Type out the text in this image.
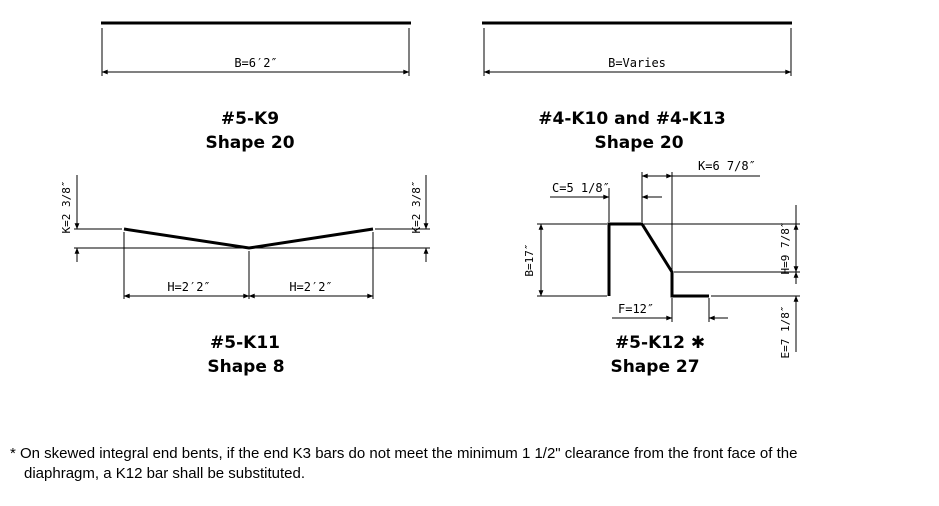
B=6′2″
#5-K9
Shape 20
B=Varies
#4-K10 and #4-K13
Shape 20
K=2 3/8″	K=2 3/8″
H=2′2″	H=2′2″
#5-K11
Shape 8
C=5 1/8″
K=6 7/8″
B=17″	H=9 7/8″
E=7 1/8″
F=12″
#5-K12 ✱
Shape 27

* On skewed integral end bents, if the end K3 bars do not meet the minimum 1 1/2" clearance from the front face of the

diaphragm, a K12 bar shall be substituted.
